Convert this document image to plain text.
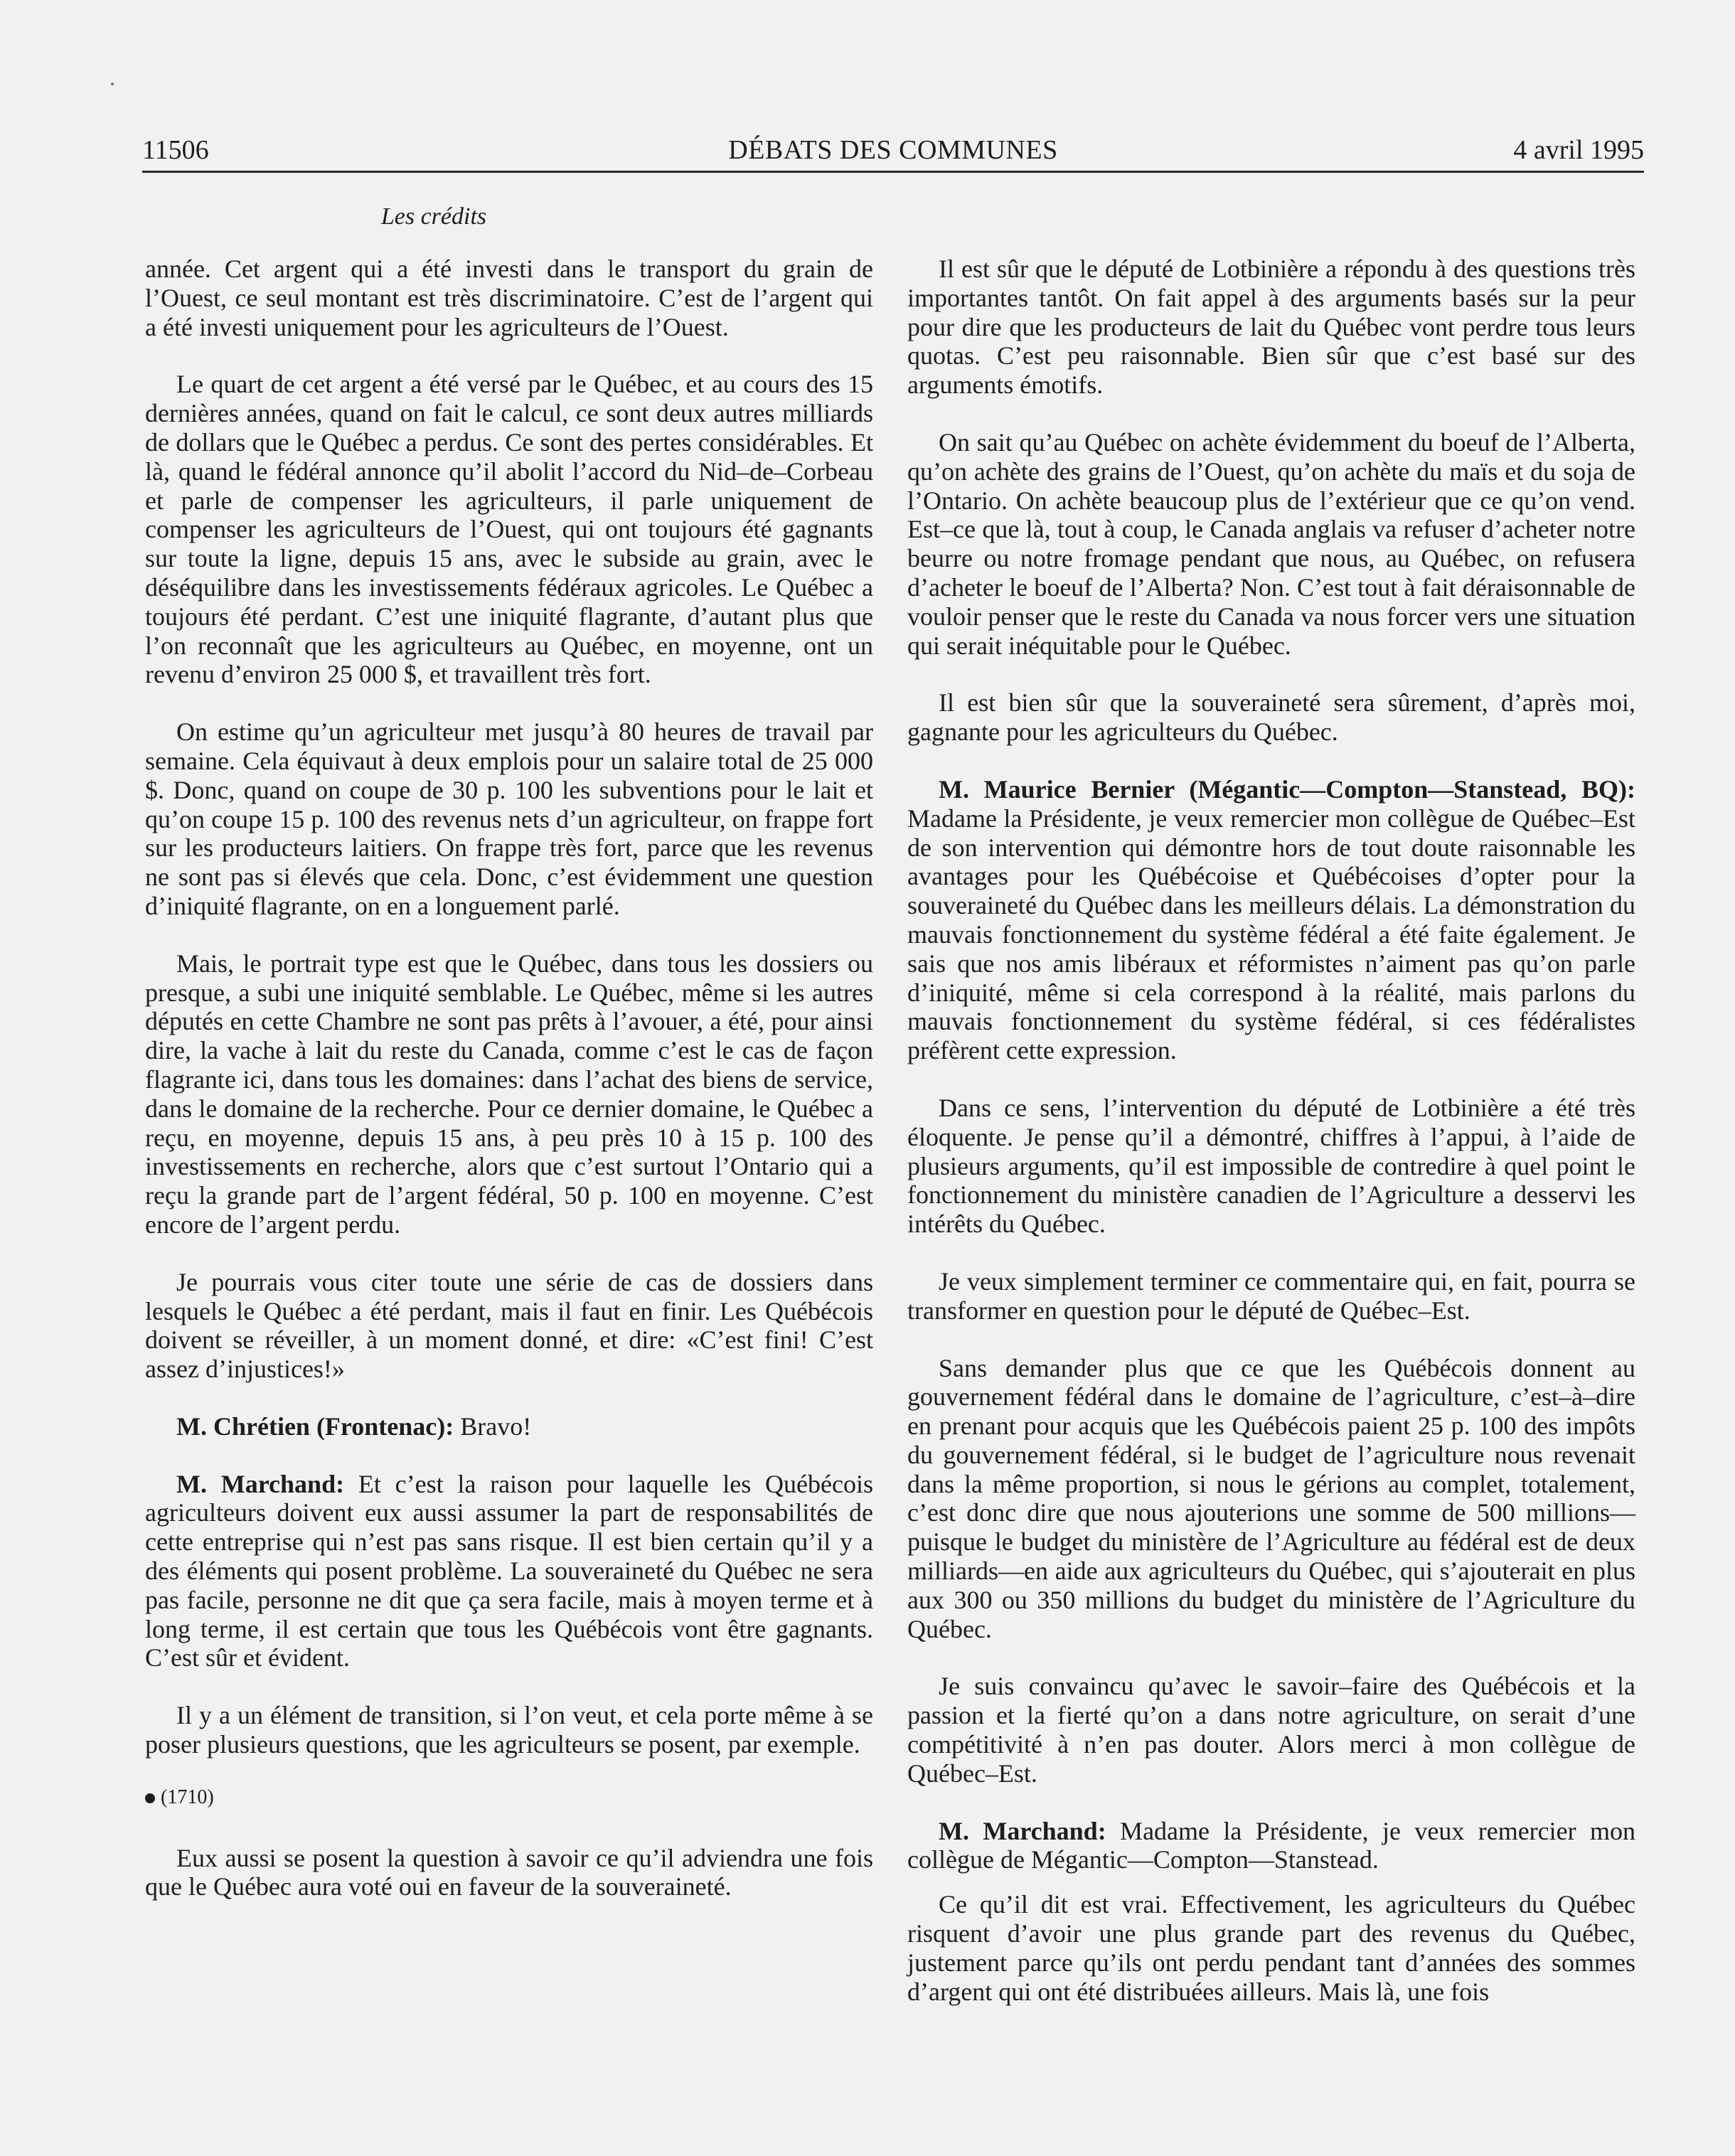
11506	DÉBATS DES COMMUNES	4 avril 1995
Les crédits

année. Cet argent qui a été investi dans le transport du grain de l’Ouest, ce seul montant est très discriminatoire. C’est de l’argent qui a été investi uniquement pour les agriculteurs de l’Ouest.

Le quart de cet argent a été versé par le Québec, et au cours des 15 dernières années, quand on fait le calcul, ce sont deux autres milliards de dollars que le Québec a perdus. Ce sont des pertes considérables. Et là, quand le fédéral annonce qu’il abolit l’accord du Nid–de–Corbeau et parle de compenser les agriculteurs, il parle uniquement de compenser les agriculteurs de l’Ouest, qui ont toujours été gagnants sur toute la ligne, depuis 15 ans, avec le subside au grain, avec le déséquilibre dans les investissements fédéraux agricoles. Le Québec a toujours été perdant. C’est une iniquité flagrante, d’autant plus que l’on reconnaît que les agriculteurs au Québec, en moyenne, ont un revenu d’environ 25 000 $, et travaillent très fort.

On estime qu’un agriculteur met jusqu’à 80 heures de travail par semaine. Cela équivaut à deux emplois pour un salaire total de 25 000 $. Donc, quand on coupe de 30 p. 100 les subventions pour le lait et qu’on coupe 15 p. 100 des revenus nets d’un agriculteur, on frappe fort sur les producteurs laitiers. On frappe très fort, parce que les revenus ne sont pas si élevés que cela. Donc, c’est évidemment une question d’iniquité flagrante, on en a longuement parlé.

Mais, le portrait type est que le Québec, dans tous les dossiers ou presque, a subi une iniquité semblable. Le Québec, même si les autres députés en cette Chambre ne sont pas prêts à l’avouer, a été, pour ainsi dire, la vache à lait du reste du Canada, comme c’est le cas de façon flagrante ici, dans tous les domaines: dans l’achat des biens de service, dans le domaine de la recherche. Pour ce dernier domaine, le Québec a reçu, en moyenne, depuis 15 ans, à peu près 10 à 15 p. 100 des investissements en recherche, alors que c’est surtout l’Ontario qui a reçu la grande part de l’argent fédéral, 50 p. 100 en moyenne. C’est encore de l’argent perdu.

Je pourrais vous citer toute une série de cas de dossiers dans lesquels le Québec a été perdant, mais il faut en finir. Les Québécois doivent se réveiller, à un moment donné, et dire: «C’est fini! C’est assez d’injustices!»

M. Chrétien (Frontenac): Bravo!

M. Marchand: Et c’est la raison pour laquelle les Québécois agriculteurs doivent eux aussi assumer la part de responsabilités de cette entreprise qui n’est pas sans risque. Il est bien certain qu’il y a des éléments qui posent problème. La souveraineté du Québec ne sera pas facile, personne ne dit que ça sera facile, mais à moyen terme et à long terme, il est certain que tous les Québécois vont être gagnants. C’est sûr et évident.

Il y a un élément de transition, si l’on veut, et cela porte même à se poser plusieurs questions, que les agriculteurs se posent, par exemple.

(1710)

Eux aussi se posent la question à savoir ce qu’il adviendra une fois que le Québec aura voté oui en faveur de la souveraineté.

Il est sûr que le député de Lotbinière a répondu à des questions très importantes tantôt. On fait appel à des arguments basés sur la peur pour dire que les producteurs de lait du Québec vont perdre tous leurs quotas. C’est peu raisonnable. Bien sûr que c’est basé sur des arguments émotifs.

On sait qu’au Québec on achète évidemment du boeuf de l’Alberta, qu’on achète des grains de l’Ouest, qu’on achète du maïs et du soja de l’Ontario. On achète beaucoup plus de l’extérieur que ce qu’on vend. Est–ce que là, tout à coup, le Canada anglais va refuser d’acheter notre beurre ou notre fromage pendant que nous, au Québec, on refusera d’acheter le boeuf de l’Alberta? Non. C’est tout à fait déraisonnable de vouloir penser que le reste du Canada va nous forcer vers une situation qui serait inéquitable pour le Québec.

Il est bien sûr que la souveraineté sera sûrement, d’après moi, gagnante pour les agriculteurs du Québec.

M. Maurice Bernier (Mégantic—Compton—Stanstead, BQ): Madame la Présidente, je veux remercier mon collègue de Québec–Est de son intervention qui démontre hors de tout doute raisonnable les avantages pour les Québécoise et Québécoises d’opter pour la souveraineté du Québec dans les meilleurs délais. La démonstration du mauvais fonctionnement du système fédéral a été faite également. Je sais que nos amis libéraux et réformistes n’aiment pas qu’on parle d’iniquité, même si cela correspond à la réalité, mais parlons du mauvais fonctionnement du système fédéral, si ces fédéralistes préfèrent cette expression.

Dans ce sens, l’intervention du député de Lotbinière a été très éloquente. Je pense qu’il a démontré, chiffres à l’appui, à l’aide de plusieurs arguments, qu’il est impossible de contredire à quel point le fonctionnement du ministère canadien de l’Agriculture a desservi les intérêts du Québec.

Je veux simplement terminer ce commentaire qui, en fait, pourra se transformer en question pour le député de Québec–Est.

Sans demander plus que ce que les Québécois donnent au gouvernement fédéral dans le domaine de l’agriculture, c’est–à–dire en prenant pour acquis que les Québécois paient 25 p. 100 des impôts du gouvernement fédéral, si le budget de l’agriculture nous revenait dans la même proportion, si nous le gérions au complet, totalement, c’est donc dire que nous ajouterions une somme de 500 millions—puisque le budget du ministère de l’Agriculture au fédéral est de deux milliards—en aide aux agriculteurs du Québec, qui s’ajouterait en plus aux 300 ou 350 millions du budget du ministère de l’Agriculture du Québec.

Je suis convaincu qu’avec le savoir–faire des Québécois et la passion et la fierté qu’on a dans notre agriculture, on serait d’une compétitivité à n’en pas douter. Alors merci à mon collègue de Québec–Est.

M. Marchand: Madame la Présidente, je veux remercier mon collègue de Mégantic—Compton—Stanstead.

Ce qu’il dit est vrai. Effectivement, les agriculteurs du Québec risquent d’avoir une plus grande part des revenus du Québec, justement parce qu’ils ont perdu pendant tant d’années des sommes d’argent qui ont été distribuées ailleurs. Mais là, une fois
